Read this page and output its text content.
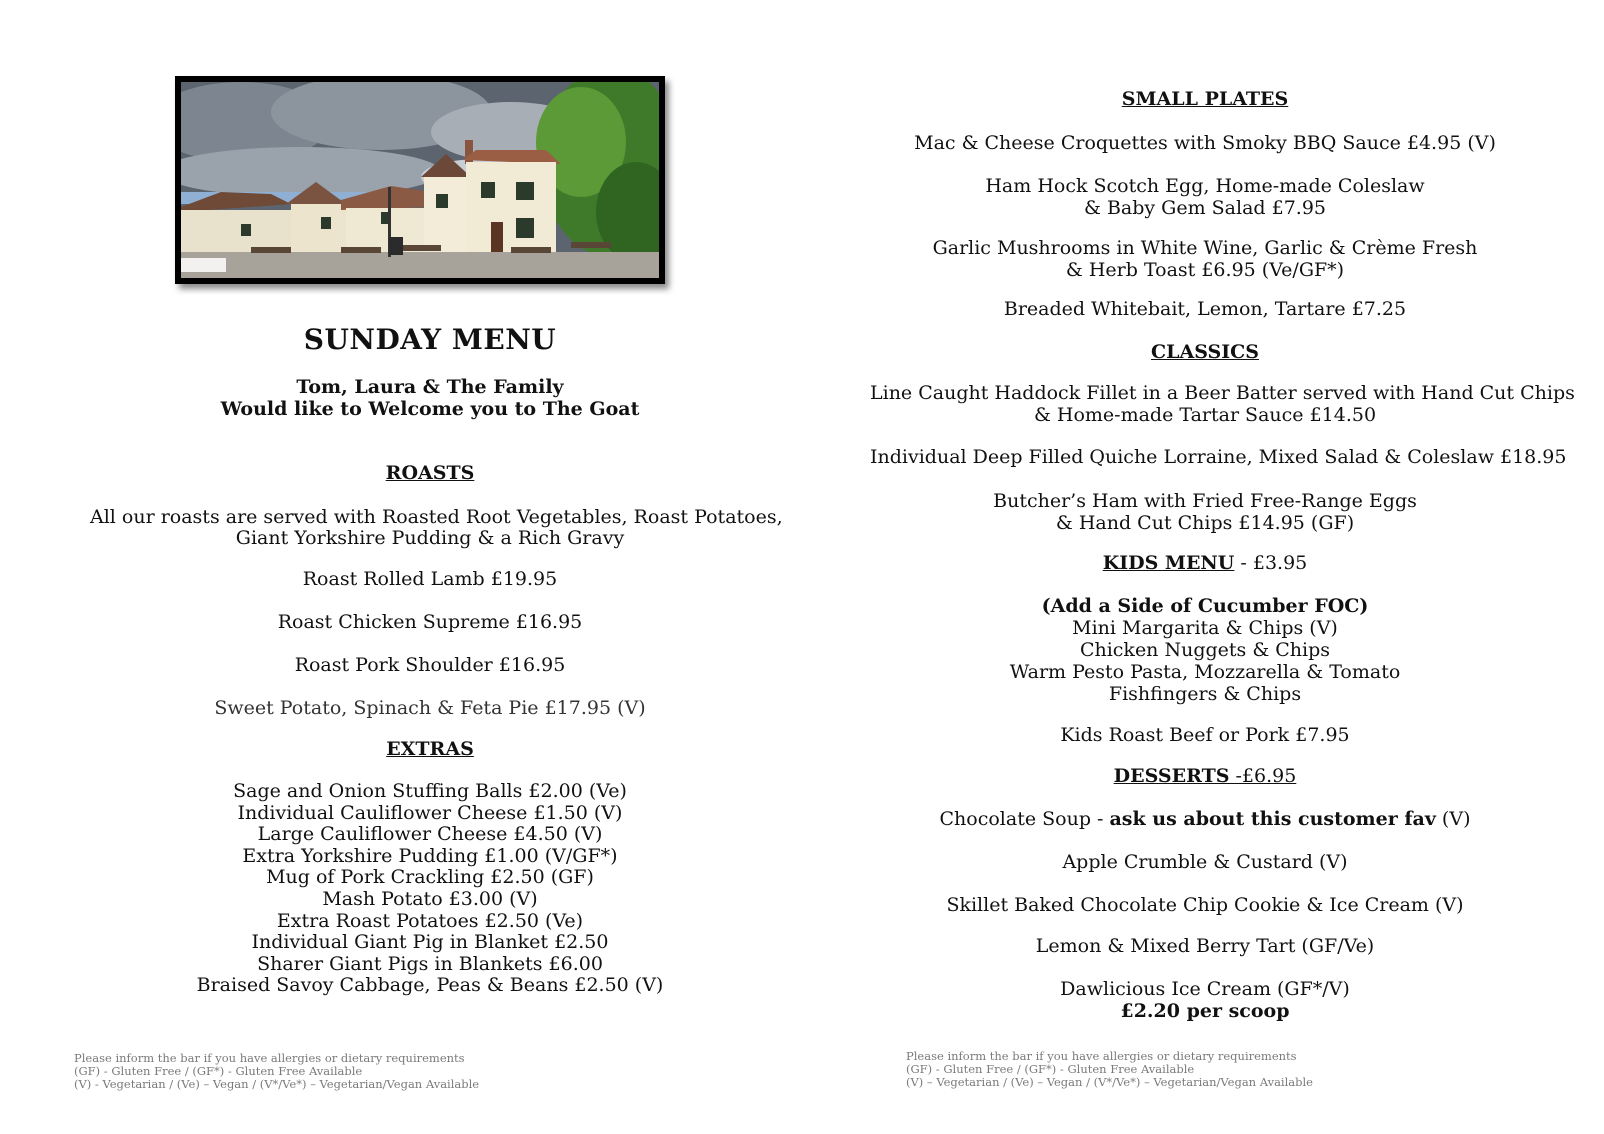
SUNDAY MENU
Tom, Laura & The Family
Would like to Welcome you to The Goat
ROASTS
All our roasts are served with Roasted Root Vegetables, Roast Potatoes,
Giant Yorkshire Pudding & a Rich Gravy
Roast Rolled Lamb £19.95
Roast Chicken Supreme £16.95
Roast Pork Shoulder £16.95
Sweet Potato, Spinach & Feta Pie £17.95 (V)
EXTRAS
Sage and Onion Stuffing Balls £2.00 (Ve)
Individual Cauliflower Cheese £1.50 (V)
Large Cauliflower Cheese £4.50 (V)
Extra Yorkshire Pudding £1.00 (V/GF*)
Mug of Pork Crackling £2.50 (GF)
Mash Potato £3.00 (V)
Extra Roast Potatoes £2.50 (Ve)
Individual Giant Pig in Blanket £2.50
Sharer Giant Pigs in Blankets £6.00
Braised Savoy Cabbage, Peas & Beans £2.50 (V)
Please inform the bar if you have allergies or dietary requirements
(GF) - Gluten Free / (GF*) - Gluten Free Available
(V) - Vegetarian / (Ve) – Vegan / (V*/Ve*) – Vegetarian/Vegan Available
SMALL PLATES
Mac & Cheese Croquettes with Smoky BBQ Sauce £4.95 (V)
Ham Hock Scotch Egg, Home-made Coleslaw
& Baby Gem Salad £7.95
Garlic Mushrooms in White Wine, Garlic & Crème Fresh
& Herb Toast £6.95 (Ve/GF*)
Breaded Whitebait, Lemon, Tartare £7.25
CLASSICS
Line Caught Haddock Fillet in a Beer Batter served with Hand Cut Chips
& Home-made Tartar Sauce £14.50
Individual Deep Filled Quiche Lorraine, Mixed Salad & Coleslaw £18.95
Butcher’s Ham with Fried Free-Range Eggs
& Hand Cut Chips £14.95 (GF)
KIDS MENU - £3.95
(Add a Side of Cucumber FOC)
Mini Margarita & Chips (V)
Chicken Nuggets & Chips
Warm Pesto Pasta, Mozzarella & Tomato
Fishfingers & Chips
Kids Roast Beef or Pork £7.95
DESSERTS -£6.95
Chocolate Soup - ask us about this customer fav (V)
Apple Crumble & Custard (V)
Skillet Baked Chocolate Chip Cookie & Ice Cream (V)
Lemon & Mixed Berry Tart (GF/Ve)
Dawlicious Ice Cream (GF*/V)
£2.20 per scoop
Please inform the bar if you have allergies or dietary requirements
(GF) - Gluten Free / (GF*) - Gluten Free Available
(V) – Vegetarian / (Ve) – Vegan / (V*/Ve*) – Vegetarian/Vegan Available
